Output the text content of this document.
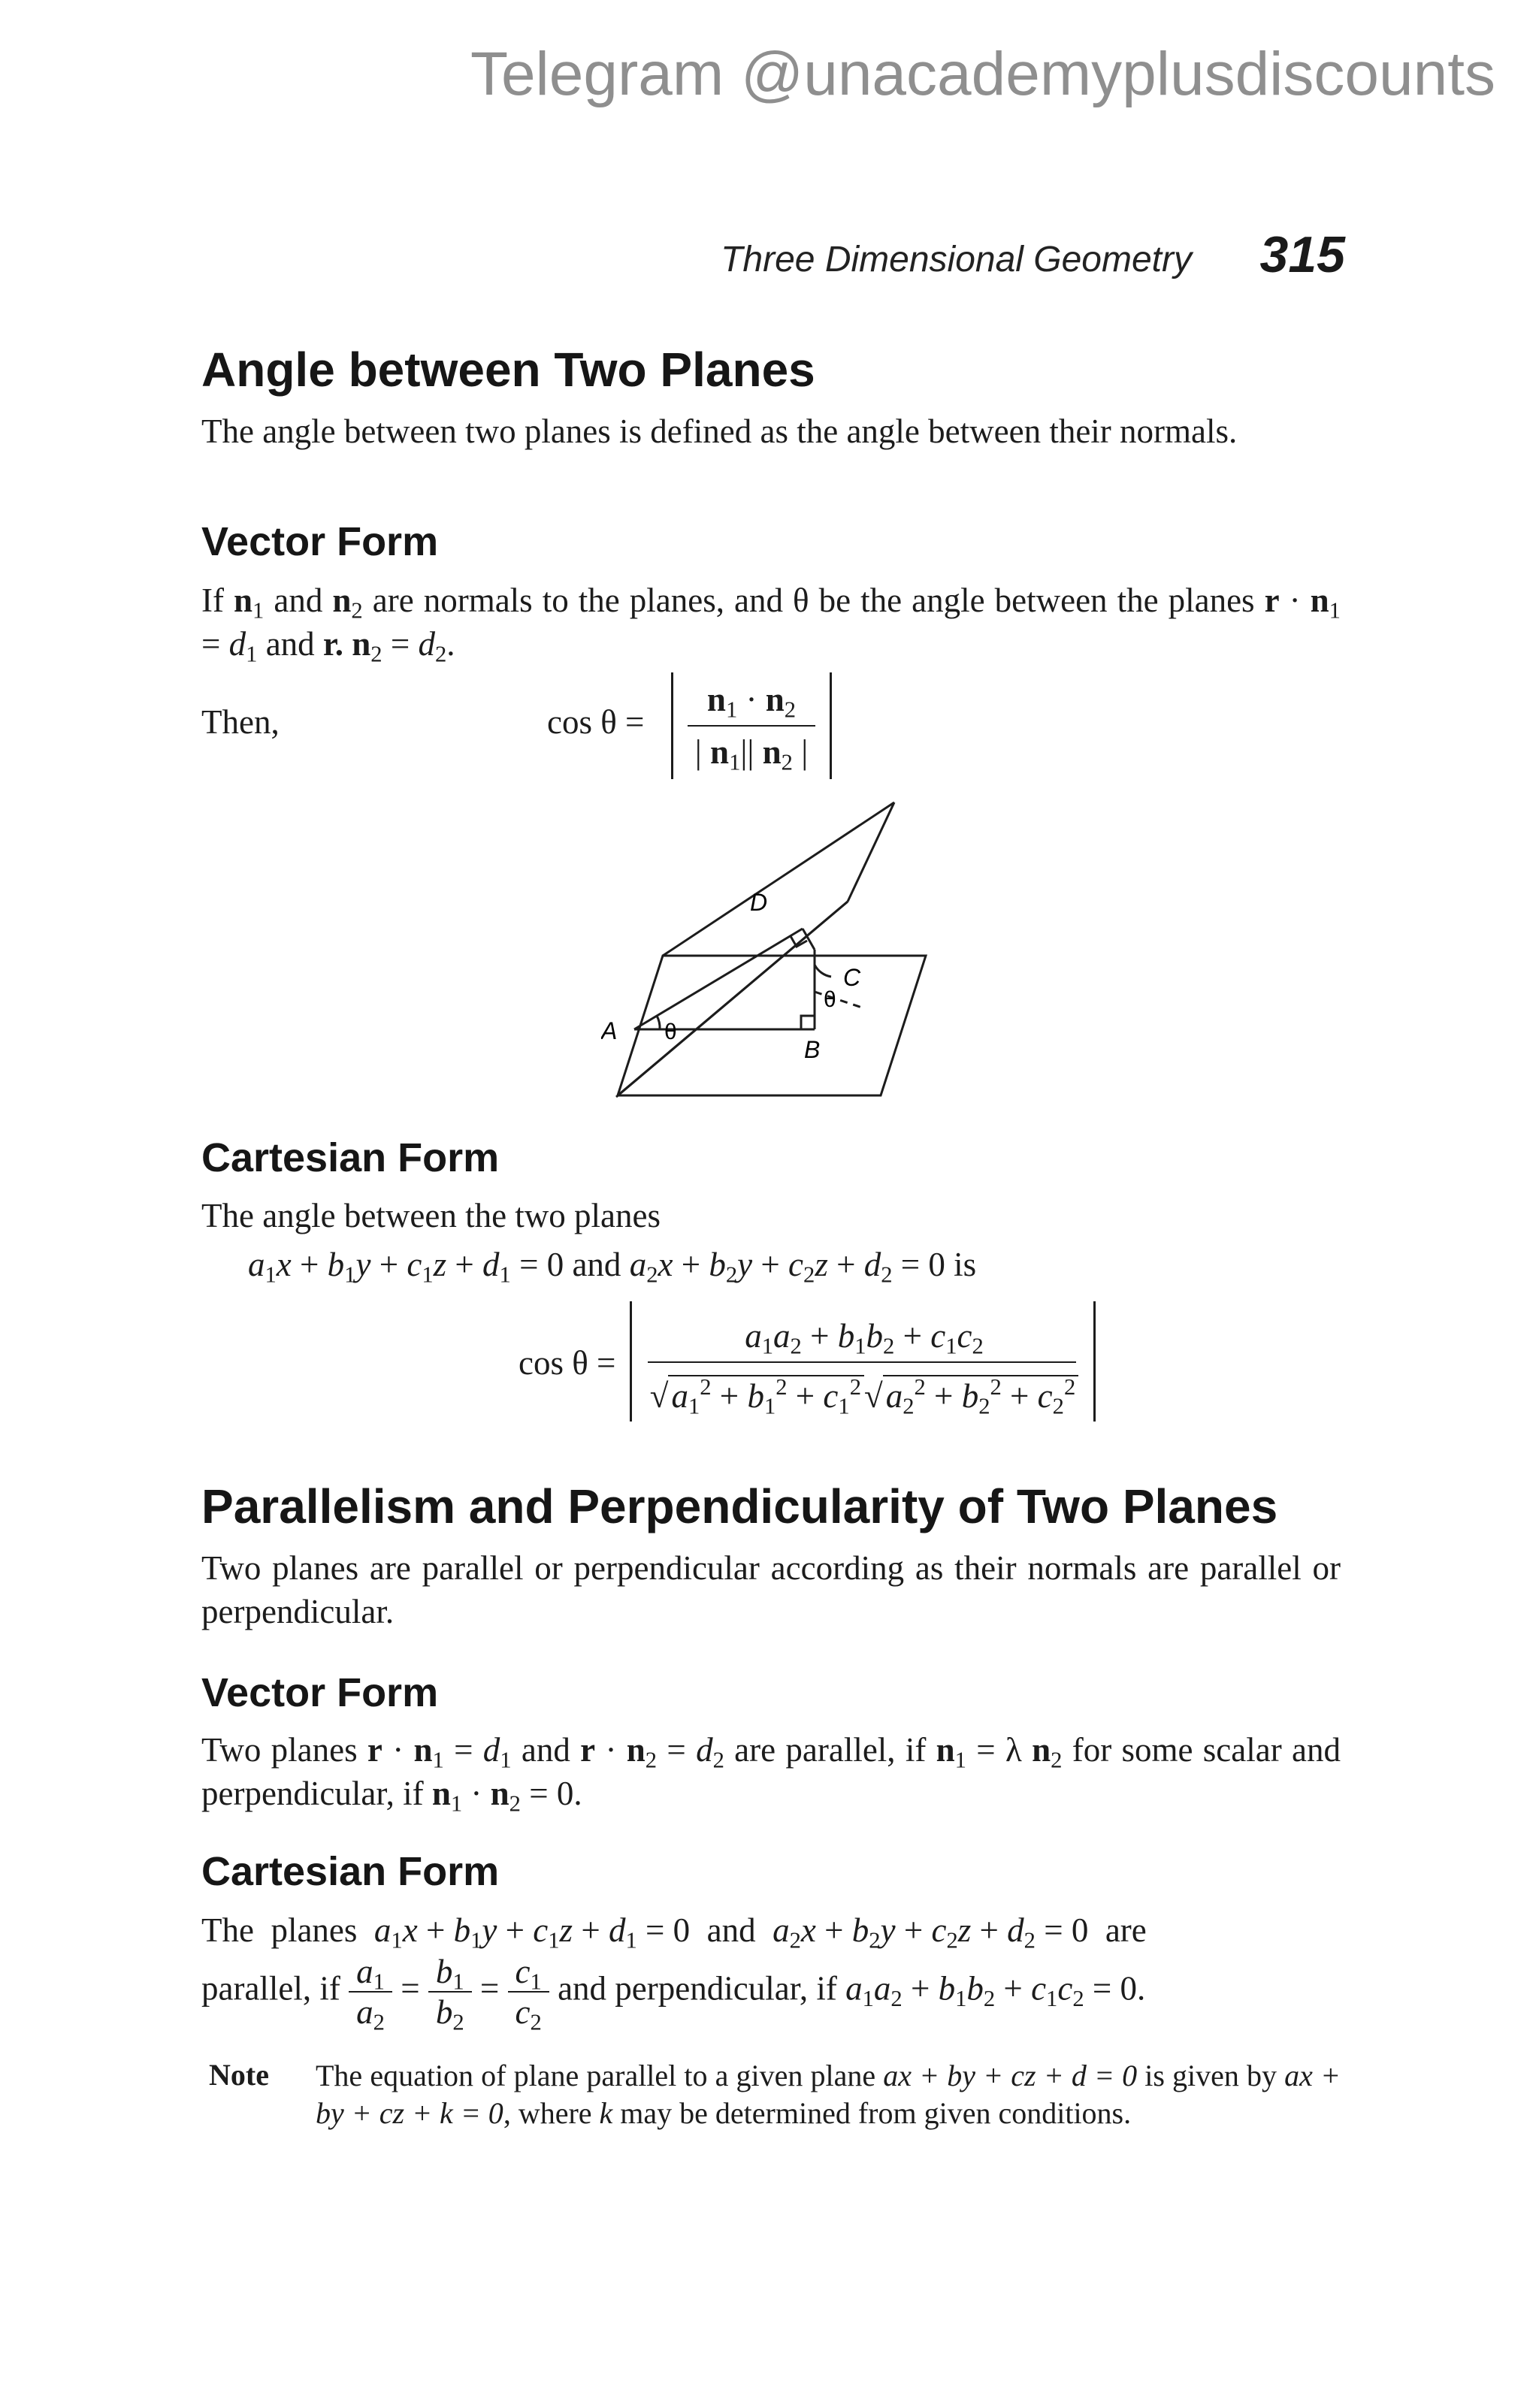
Telegram @unacademyplusdiscounts
Three Dimensional Geometry	315
Angle between Two Planes
The angle between two planes is defined as the angle between their normals.
Vector Form
If $n_1$ and $n_2$ are normals to the planes, and θ be the angle between the planes $r \cdot n_1 = d_1$ and r. $n_2 = d_2$.
Then,	cos θ =
$n_1 \cdot n_2$
| $n_1||$ $n_2$ |
D
C
A
B
θ
θ
Cartesian Form
The angle between the two planes
$a_1x + b_1y + c_1z + d_1 = 0$ and $a_2x + b_2y + c_2z + d_2 = 0$ is
cos θ =
$a_1a_2 + b_1b_2 + c_1c_2$
$√a_1^2 + b_1^2 + c_1^2√a_2^2 + b_2^2 + c_2^2$
Parallelism and Perpendicularity of Two Planes
Two planes are parallel or perpendicular according as their normals are parallel or perpendicular.
Vector Form
Two planes $r \cdot n_1 = d_1$ and $r \cdot n_2 = d_2$ are parallel, if $n_1 = \lambda$ $n_2$ for some scalar and perpendicular, if $n_1 \cdot n_2 = 0$.
Cartesian Form
The  planes  $a_1x + b_1y + c_1z + d_1 = 0$  and  $a_2x + b_2y + c_2z + d_2 = 0$  are
parallel, if $\frac{a_1}{a_2} = \frac{b_1}{b_2} = \frac{c_1}{c_2}$ and perpendicular, if $a_1a_2 + b_1b_2 + c_1c_2 = 0$.
Note The equation of plane parallel to a given plane ax + by + cz + d = 0 is given by ax + by + cz + k = 0, where k may be determined from given conditions.
